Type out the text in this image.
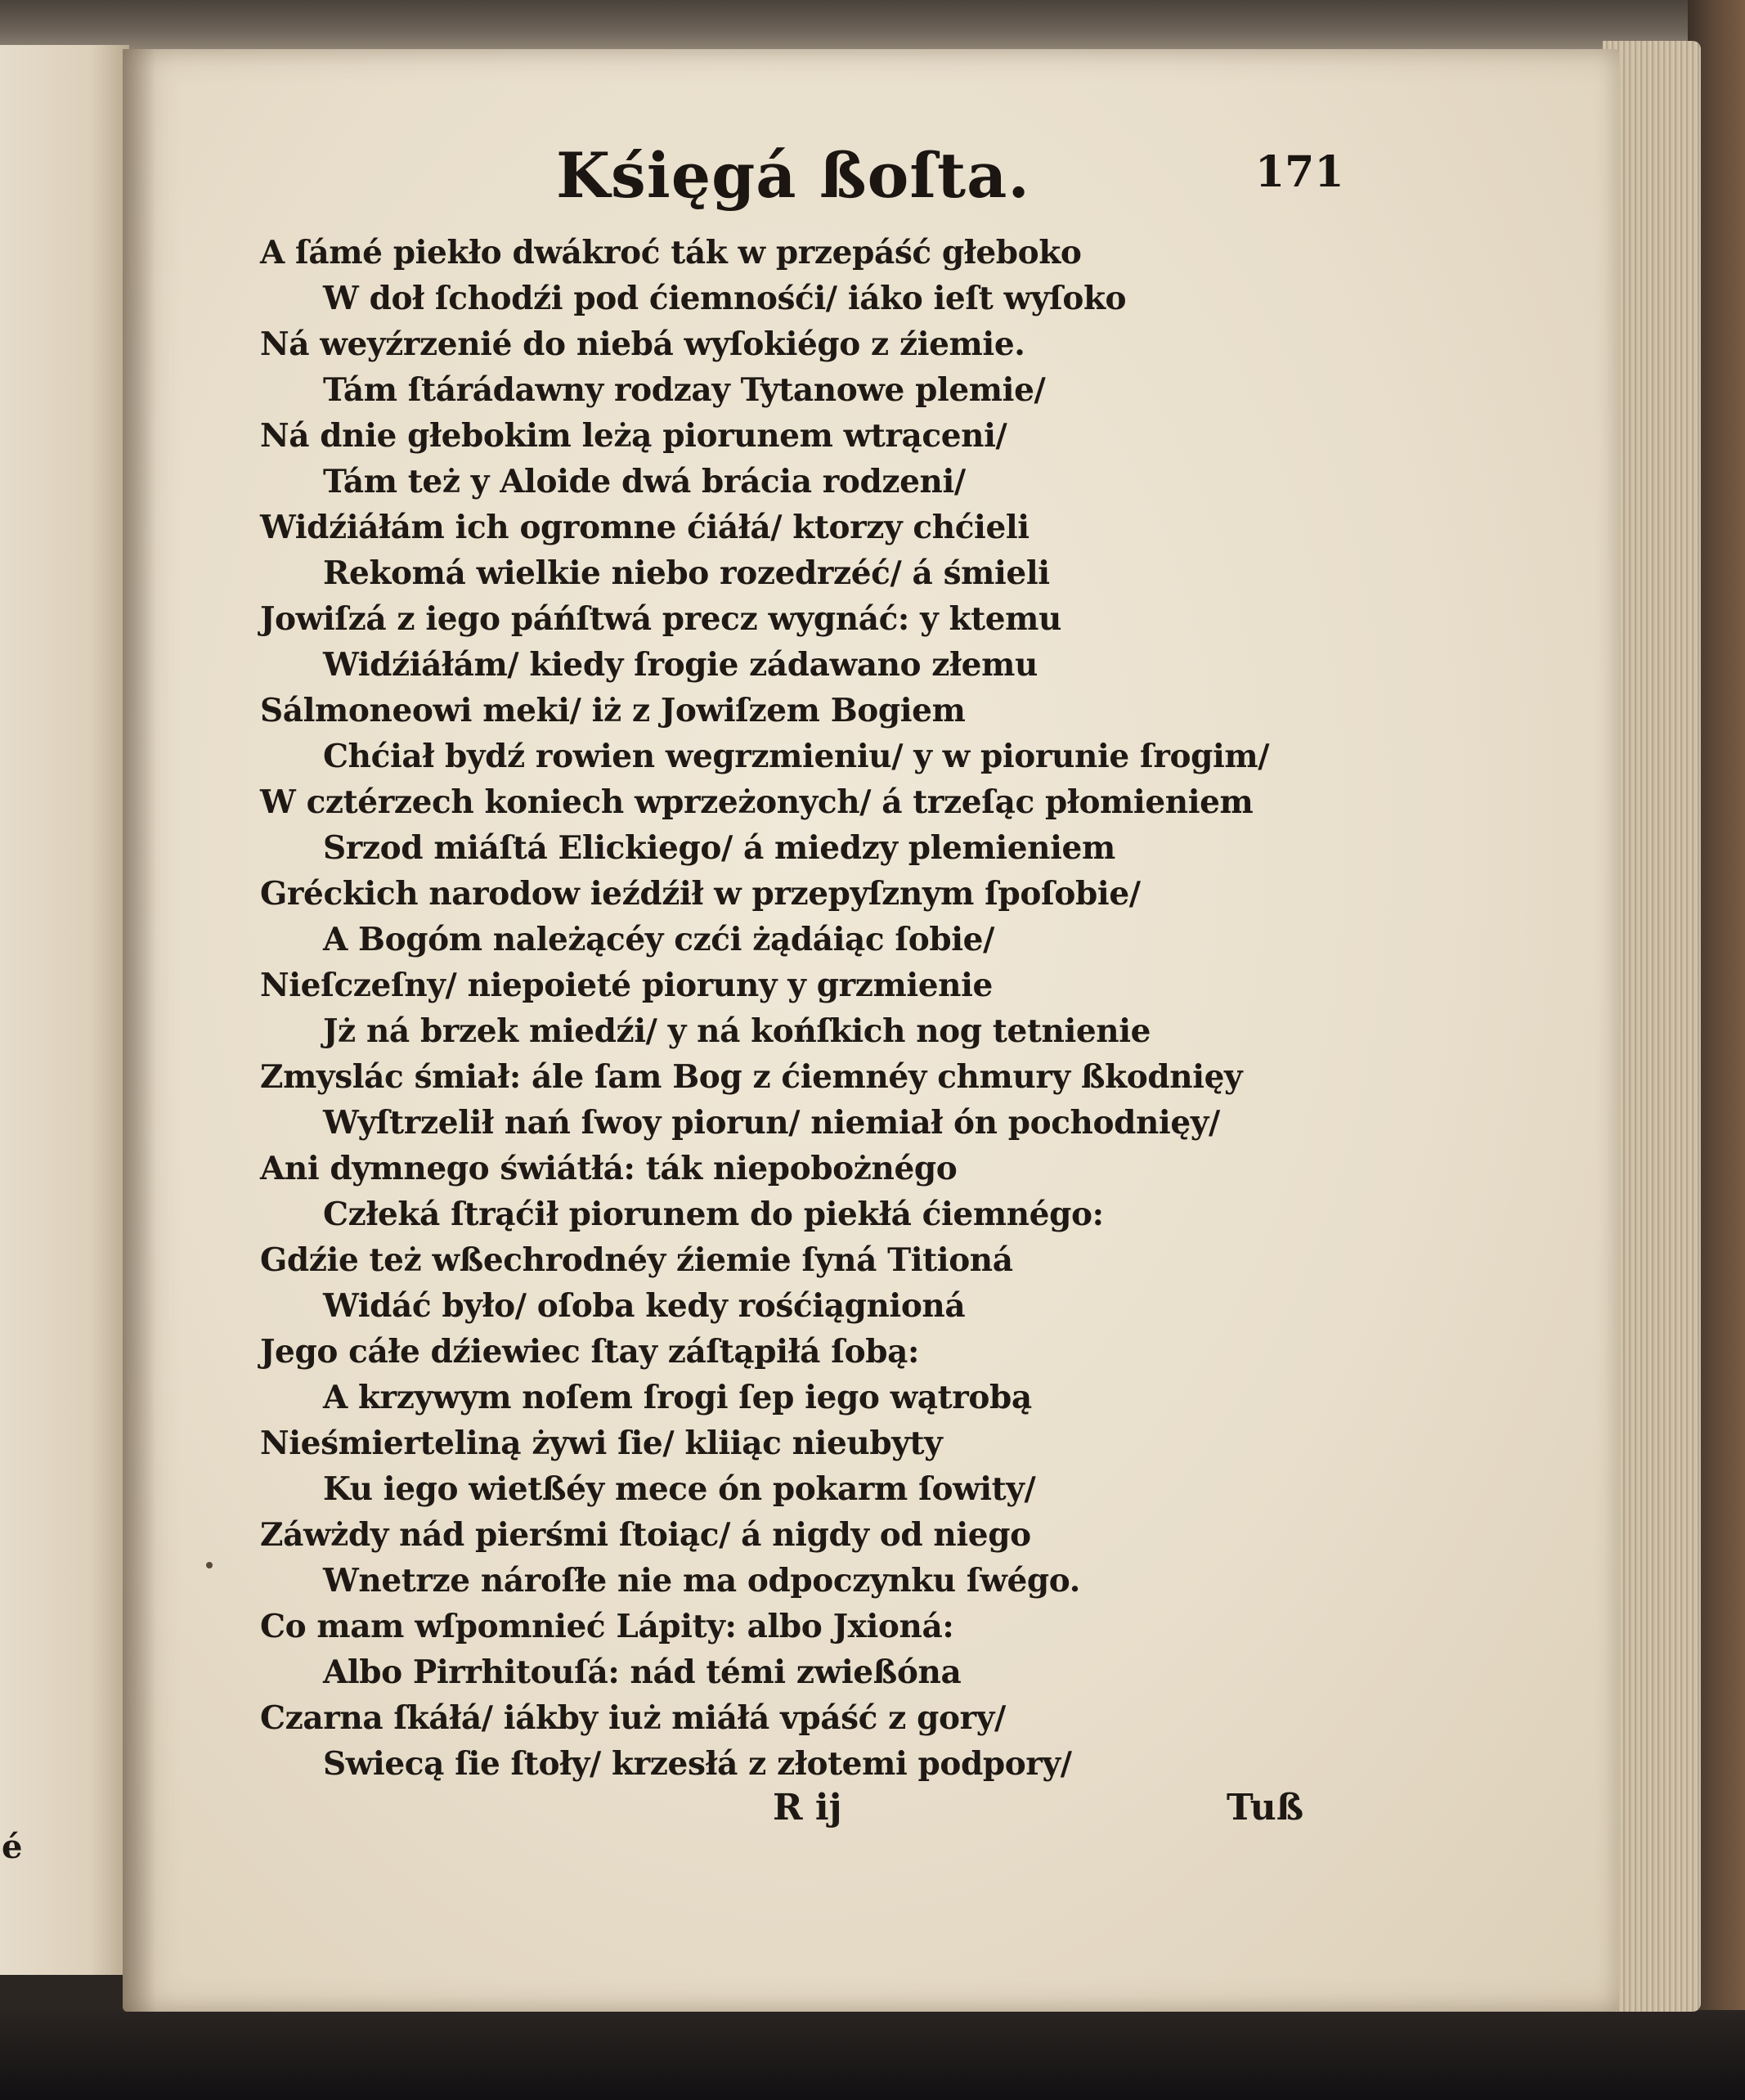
é
Kśięgá ßoſta.	171
A ſámé piekło dwákroć ták w przepáść głeboko
W doł ſchodźi pod ćiemnośći/ iáko ieſt wyſoko
Ná weyźrzenié do niebá wyſokiégo z źiemie.
Tám ſtárádawny rodzay Tytanowe plemie/
Ná dnie głebokim leżą piorunem wtrąceni/
Tám też y Aloide dwá brácia rodzeni/
Widźiáłám ich ogromne ćiáłá/ ktorzy chćieli
Rekomá wielkie niebo rozedrzéć/ á śmieli
Jowiſzá z iego páńſtwá precz wygnáć: y ktemu
Widźiáłám/ kiedy ſrogie zádawano złemu
Sálmoneowi meki/ iż z Jowiſzem Bogiem
Chćiał bydź rowien wegrzmieniu/ y w piorunie ſrogim/
W cztérzech koniech wprzeżonych/ á trzeſąc płomieniem
Srzod miáſtá Elickiego/ á miedzy plemieniem
Gréckich narodow ieźdźił w przepyſznym ſpoſobie/
A Bogóm należącéy czći żądáiąc ſobie/
Nieſczeſny/ niepoieté pioruny y grzmienie
Jż ná brzek miedźi/ y ná końſkich nog tetnienie
Zmyslác śmiał: ále ſam Bog z ćiemnéy chmury ßkodnięy
Wyſtrzelił nań ſwoy piorun/ niemiał ón pochodnięy/
Ani dymnego świátłá: ták niepobożnégo
Człeká ſtrąćił piorunem do piekłá ćiemnégo:
Gdźie też wßechrodnéy źiemie ſyná Titioná
Widáć było/ oſoba kedy rośćiągnioná
Jego cáłe dźiewiec ſtay záſtąpiłá ſobą:
A krzywym noſem ſrogi ſep iego wątrobą
Nieśmierteliną żywi ſie/ kliiąc nieubyty
Ku iego wietßéy mece ón pokarm ſowity/
Záwżdy nád pierśmi ſtoiąc/ á nigdy od niego
Wnetrze nároſłe nie ma odpoczynku ſwégo.
Co mam wſpomnieć Lápity: albo Jxioná:
Albo Pirrhitouſá: nád témi zwießóna
Czarna ſkáłá/ iákby iuż miáłá vpáść z gory/
Swiecą ſie ſtoły/ krzesłá z złotemi podpory/
R ij	Tuß
